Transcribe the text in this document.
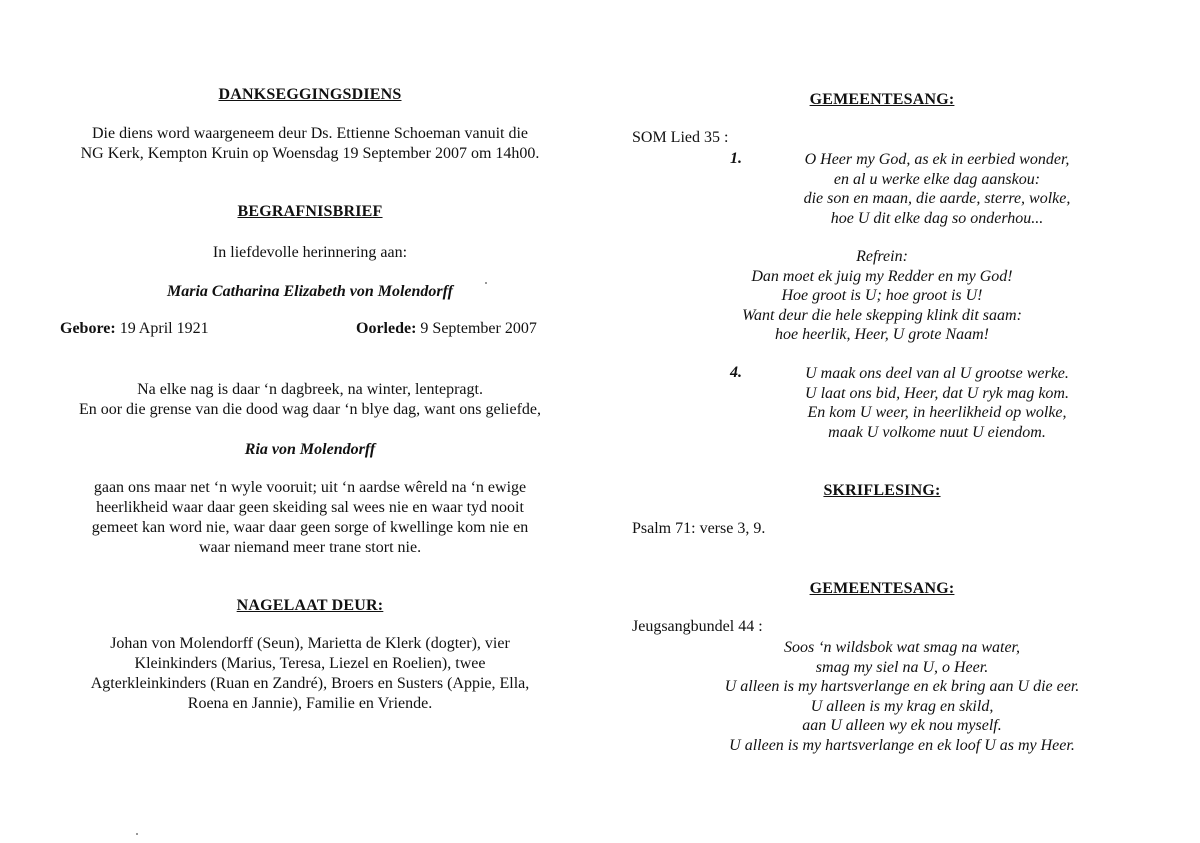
DANKSEGGINGSDIENS
Die diens word waargeneem deur Ds. Ettienne Schoeman vanuit die
NG Kerk, Kempton Kruin op Woensdag 19 September 2007 om 14h00.
BEGRAFNISBRIEF
In liefdevolle herinnering aan:
Maria Catharina Elizabeth von Molendorff
Gebore: 19 April 1921	Oorlede: 9 September 2007
Na elke nag is daar ‘n dagbreek, na winter, lentepragt.
En oor die grense van die dood wag daar ‘n blye dag, want ons geliefde,
Ria von Molendorff
gaan ons maar net ‘n wyle vooruit; uit ‘n aardse wêreld na ‘n ewige
heerlikheid waar daar geen skeiding sal wees nie en waar tyd nooit
gemeet kan word nie, waar daar geen sorge of kwellinge kom nie en
waar niemand meer trane stort nie.
NAGELAAT DEUR:
Johan von Molendorff (Seun), Marietta de Klerk (dogter), vier
Kleinkinders (Marius, Teresa, Liezel en Roelien), twee
Agterkleinkinders (Ruan en Zandré), Broers en Susters (Appie, Ella,
Roena en Jannie), Familie en Vriende.
GEMEENTESANG:
SOM Lied 35 :
1.	O Heer my God, as ek in eerbied wonder,
en al u werke elke dag aanskou:
die son en maan, die aarde, sterre, wolke,
hoe U dit elke dag so onderhou...
Refrein:
Dan moet ek juig my Redder en my God!
Hoe groot is U; hoe groot is U!
Want deur die hele skepping klink dit saam:
hoe heerlik, Heer, U grote Naam!
4.	U maak ons deel van al U grootse werke.
U laat ons bid, Heer, dat U ryk mag kom.
En kom U weer, in heerlikheid op wolke,
maak U volkome nuut U eiendom.
SKRIFLESING:
Psalm 71: verse 3, 9.
GEMEENTESANG:
Jeugsangbundel 44 :
Soos ‘n wildsbok wat smag na water,
smag my siel na U, o Heer.
U alleen is my hartsverlange en ek bring aan U die eer.
U alleen is my krag en skild,
aan U alleen wy ek nou myself.
U alleen is my hartsverlange en ek loof U as my Heer.
